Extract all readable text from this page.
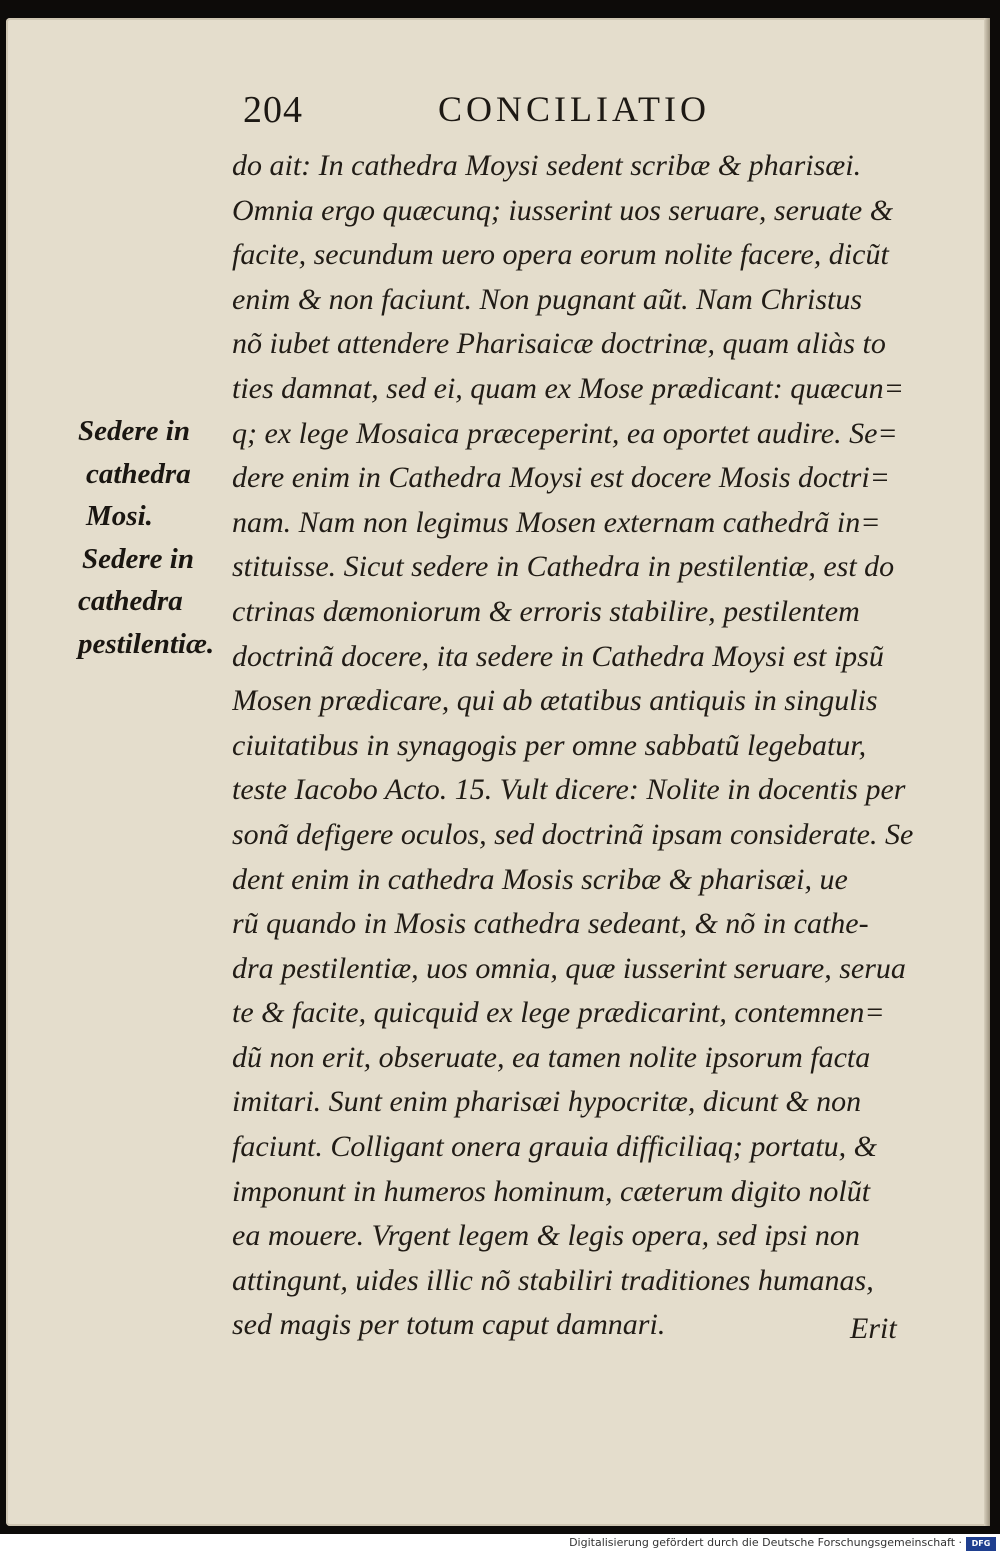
204	CONCILIATIO
Sedere in
cathedra
Mosi.
Sedere in
cathedra
pestilentiæ.
do ait: In cathedra Moysi sedent scribæ & pharisæi.
Omnia ergo quæcunq; iusserint uos seruare, seruate &
facite, secundum uero opera eorum nolite facere, dicũt
enim & non faciunt. Non pugnant aũt. Nam Christus
nõ iubet attendere Pharisaicæ doctrinæ, quam aliàs to
ties damnat, sed ei, quam ex Mose prædicant: quæcun=
q; ex lege Mosaica præceperint, ea oportet audire. Se=
dere enim in Cathedra Moysi est docere Mosis doctri=
nam. Nam non legimus Mosen externam cathedrã in=
stituisse. Sicut sedere in Cathedra in pestilentiæ, est do
ctrinas dæmoniorum & erroris stabilire, pestilentem
doctrinã docere, ita sedere in Cathedra Moysi est ipsũ
Mosen prædicare, qui ab ætatibus antiquis in singulis
ciuitatibus in synagogis per omne sabbatũ legebatur,
teste Iacobo Acto. 15. Vult dicere: Nolite in docentis per
sonã defigere oculos, sed doctrinã ipsam considerate. Se
dent enim in cathedra Mosis scribæ & pharisæi, ue
rũ quando in Mosis cathedra sedeant, & nõ in cathe-
dra pestilentiæ, uos omnia, quæ iusserint seruare, serua
te & facite, quicquid ex lege prædicarint, contemnen=
dũ non erit, obseruate, ea tamen nolite ipsorum facta
imitari. Sunt enim pharisæi hypocritæ, dicunt & non
faciunt. Colligant onera grauia difficiliaq; portatu, &
imponunt in humeros hominum, cæterum digito nolũt
ea mouere. Vrgent legem & legis opera, sed ipsi non
attingunt, uides illic nõ stabiliri traditiones humanas,
sed magis per totum caput damnari.	Erit
Digitalisierung gefördert durch die Deutsche Forschungsgemeinschaft ·	DFG
